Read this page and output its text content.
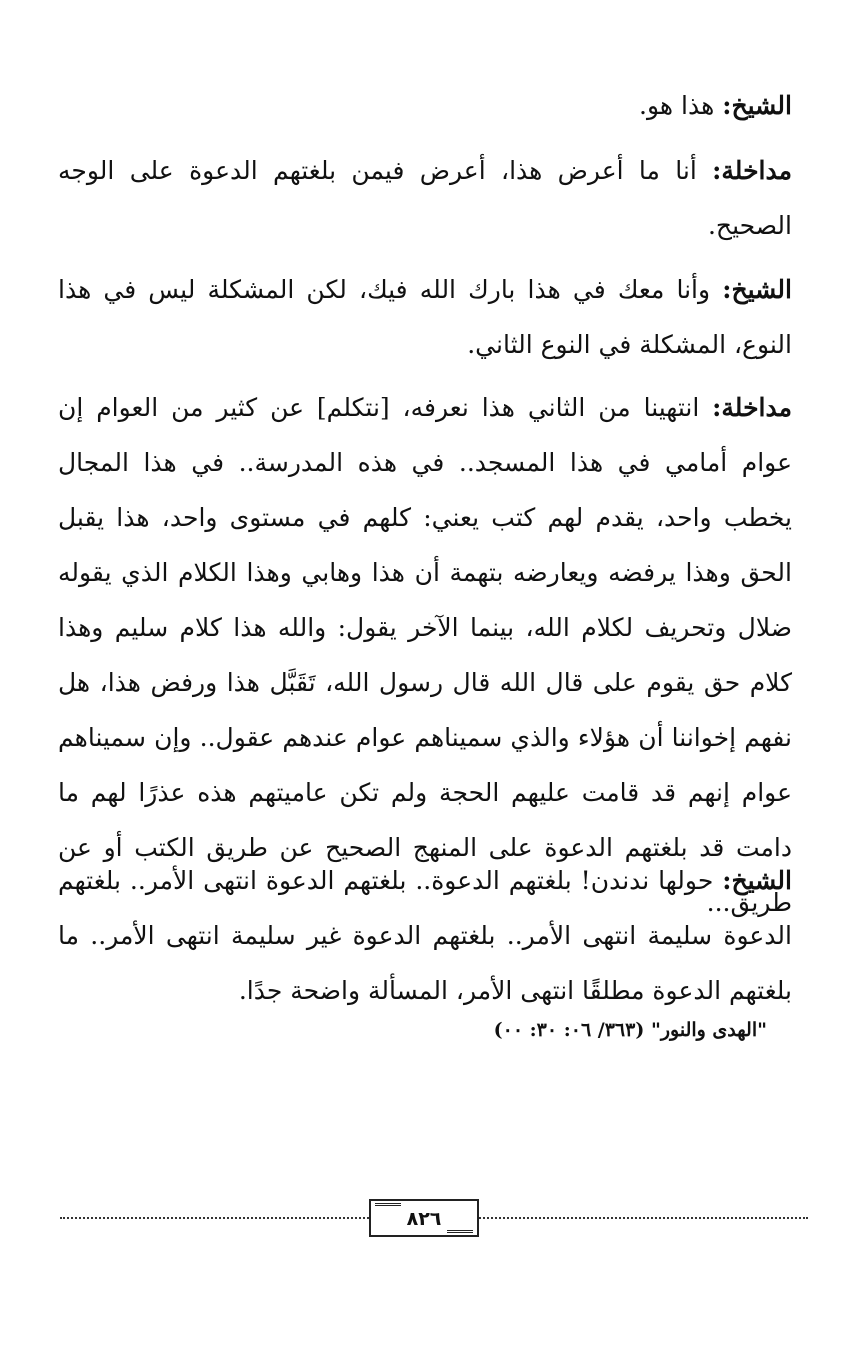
الشيخ: هذا هو.

مداخلة: أنا ما أعرض هذا، أعرض فيمن بلغتهم الدعوة على الوجه الصحيح.

الشيخ: وأنا معك في هذا بارك الله فيك، لكن المشكلة ليس في هذا النوع، المشكلة في النوع الثاني.

مداخلة: انتهينا من الثاني هذا نعرفه، [نتكلم] عن كثير من العوام إن عوام أمامي في هذا المسجد.. في هذه المدرسة.. في هذا المجال يخطب واحد، يقدم لهم كتب يعني: كلهم في مستوى واحد، هذا يقبل الحق وهذا يرفضه ويعارضه بتهمة أن هذا وهابي وهذا الكلام الذي يقوله ضلال وتحريف لكلام الله، بينما الآخر يقول: والله هذا كلام سليم وهذا كلام حق يقوم على قال الله قال رسول الله، تَقَبَّل هذا ورفض هذا، هل نفهم إخواننا أن هؤلاء والذي سميناهم عوام عندهم عقول.. وإن سميناهم عوام إنهم قد قامت عليهم الحجة ولم تكن عاميتهم هذه عذرًا لهم ما دامت قد بلغتهم الدعوة على المنهج الصحيح عن طريق الكتب أو عن طريق...

الشيخ: حولها ندندن! بلغتهم الدعوة.. بلغتهم الدعوة انتهى الأمر.. بلغتهم الدعوة سليمة انتهى الأمر.. بلغتهم الدعوة غير سليمة انتهى الأمر.. ما بلغتهم الدعوة مطلقًا انتهى الأمر، المسألة واضحة جدًا.

"الهدى والنور" (٣٦٣/ ٠٦: ٣٠: ٠٠)
٨٢٦
